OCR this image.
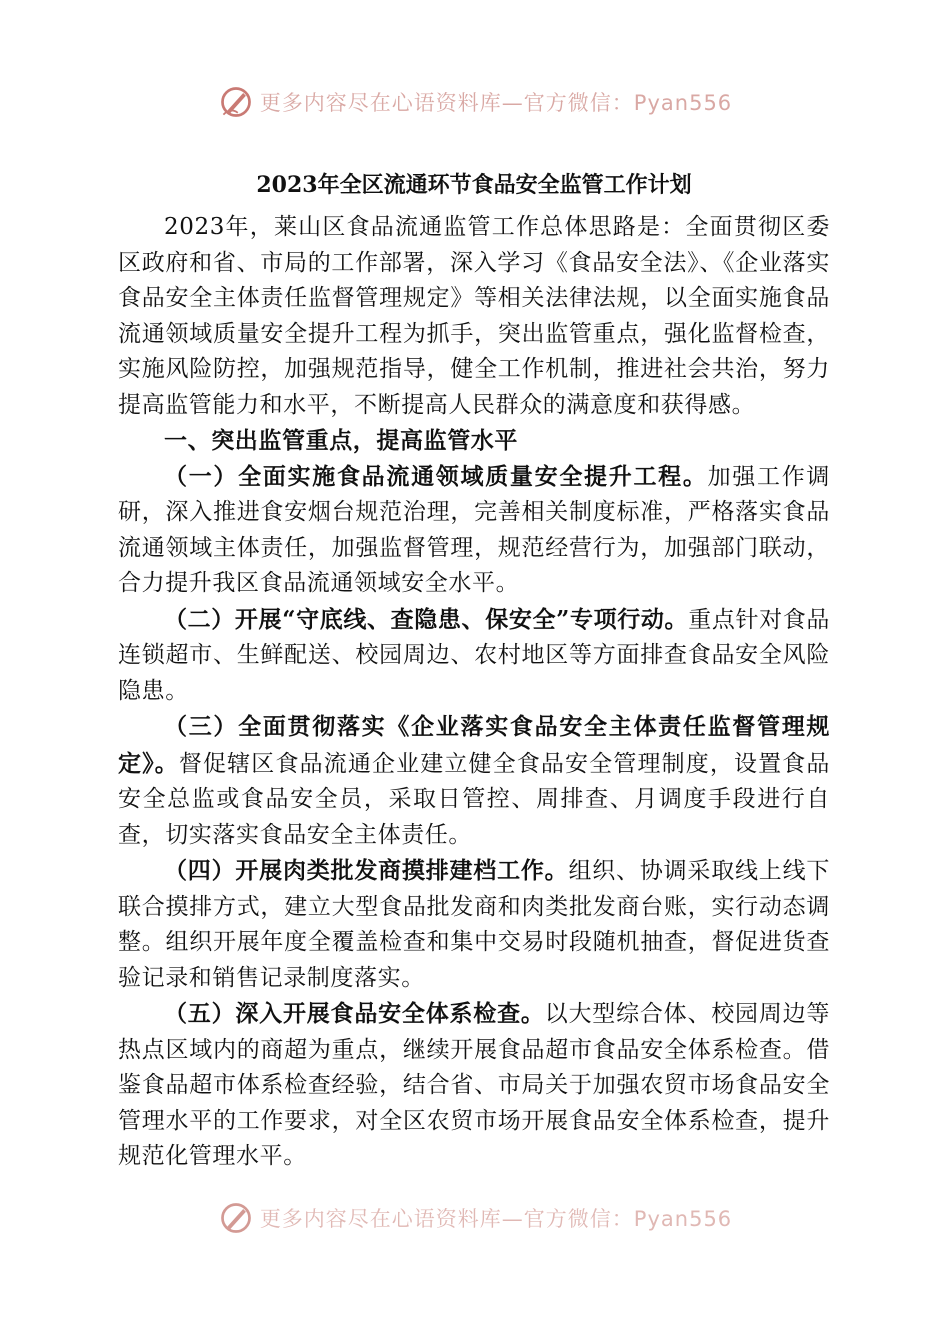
更多内容尽在心语资料库—官方微信：Pyan556
2023年全区流通环节食品安全监管工作计划

2023年，莱山区食品流通监管工作总体思路是：全面贯彻区委区政府和省、市局的工作部署，深入学习《食品安全法》、《企业落实食品安全主体责任监督管理规定》等相关法律法规，以全面实施食品流通领域质量安全提升工程为抓手，突出监管重点，强化监督检查，实施风险防控，加强规范指导，健全工作机制，推进社会共治，努力提高监管能力和水平，不断提高人民群众的满意度和获得感。

一、突出监管重点，提高监管水平

（一）全面实施食品流通领域质量安全提升工程。加强工作调研，深入推进食安烟台规范治理，完善相关制度标准，严格落实食品流通领域主体责任，加强监督管理，规范经营行为，加强部门联动，合力提升我区食品流通领域安全水平。

（二）开展“守底线、查隐患、保安全”专项行动。重点针对食品连锁超市、生鲜配送、校园周边、农村地区等方面排查食品安全风险隐患。

（三）全面贯彻落实《企业落实食品安全主体责任监督管理规定》。督促辖区食品流通企业建立健全食品安全管理制度，设置食品安全总监或食品安全员，采取日管控、周排查、月调度手段进行自查，切实落实食品安全主体责任。

（四）开展肉类批发商摸排建档工作。组织、协调采取线上线下联合摸排方式，建立大型食品批发商和肉类批发商台账，实行动态调整。组织开展年度全覆盖检查和集中交易时段随机抽查，督促进货查验记录和销售记录制度落实。

（五）深入开展食品安全体系检查。以大型综合体、校园周边等热点区域内的商超为重点，继续开展食品超市食品安全体系检查。借鉴食品超市体系检查经验，结合省、市局关于加强农贸市场食品安全管理水平的工作要求，对全区农贸市场开展食品安全体系检查，提升规范化管理水平。

更多内容尽在心语资料库—官方微信：Pyan556
